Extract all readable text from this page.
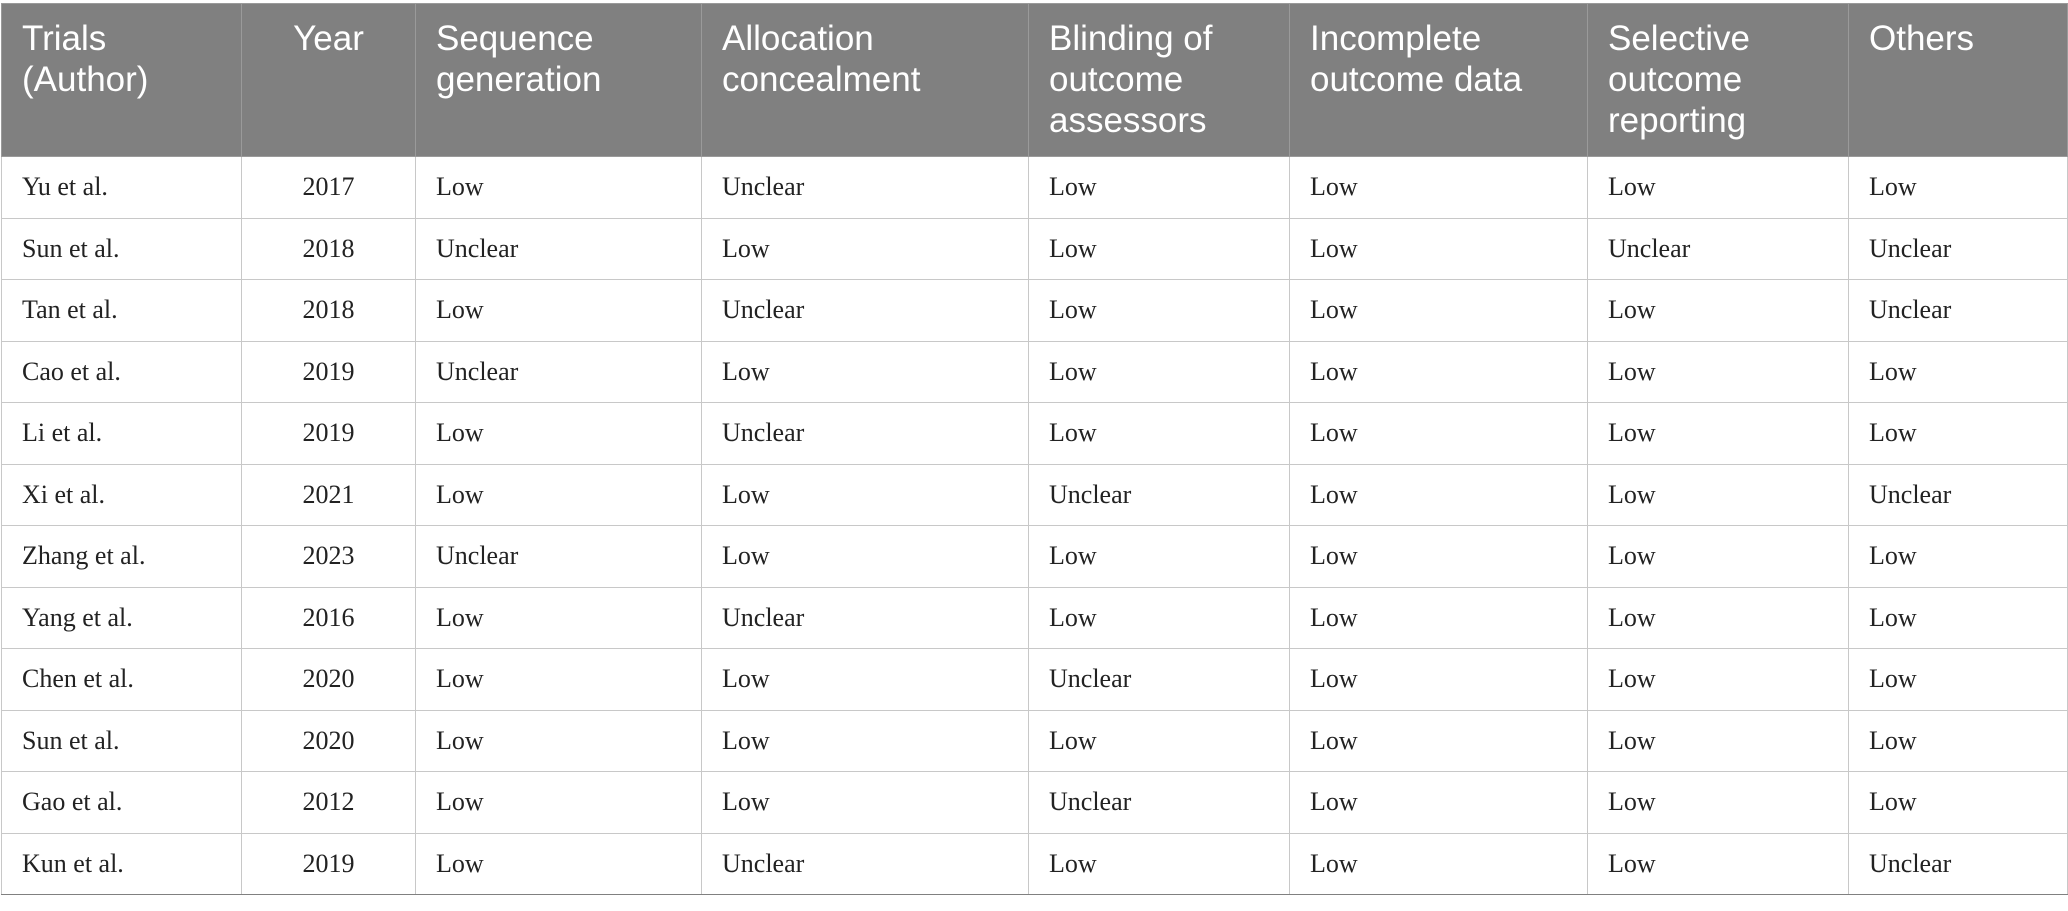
Trials (Author)	Year	Sequence generation	Allocation concealment	Blinding of outcome assessors	Incomplete outcome data	Selective outcome reporting	Others
Yu et al.	2017	Low	Unclear	Low	Low	Low	Low
Sun et al.	2018	Unclear	Low	Low	Low	Unclear	Unclear
Tan et al.	2018	Low	Unclear	Low	Low	Low	Unclear
Cao et al.	2019	Unclear	Low	Low	Low	Low	Low
Li et al.	2019	Low	Unclear	Low	Low	Low	Low
Xi et al.	2021	Low	Low	Unclear	Low	Low	Unclear
Zhang et al.	2023	Unclear	Low	Low	Low	Low	Low
Yang et al.	2016	Low	Unclear	Low	Low	Low	Low
Chen et al.	2020	Low	Low	Unclear	Low	Low	Low
Sun et al.	2020	Low	Low	Low	Low	Low	Low
Gao et al.	2012	Low	Low	Unclear	Low	Low	Low
Kun et al.	2019	Low	Unclear	Low	Low	Low	Unclear
